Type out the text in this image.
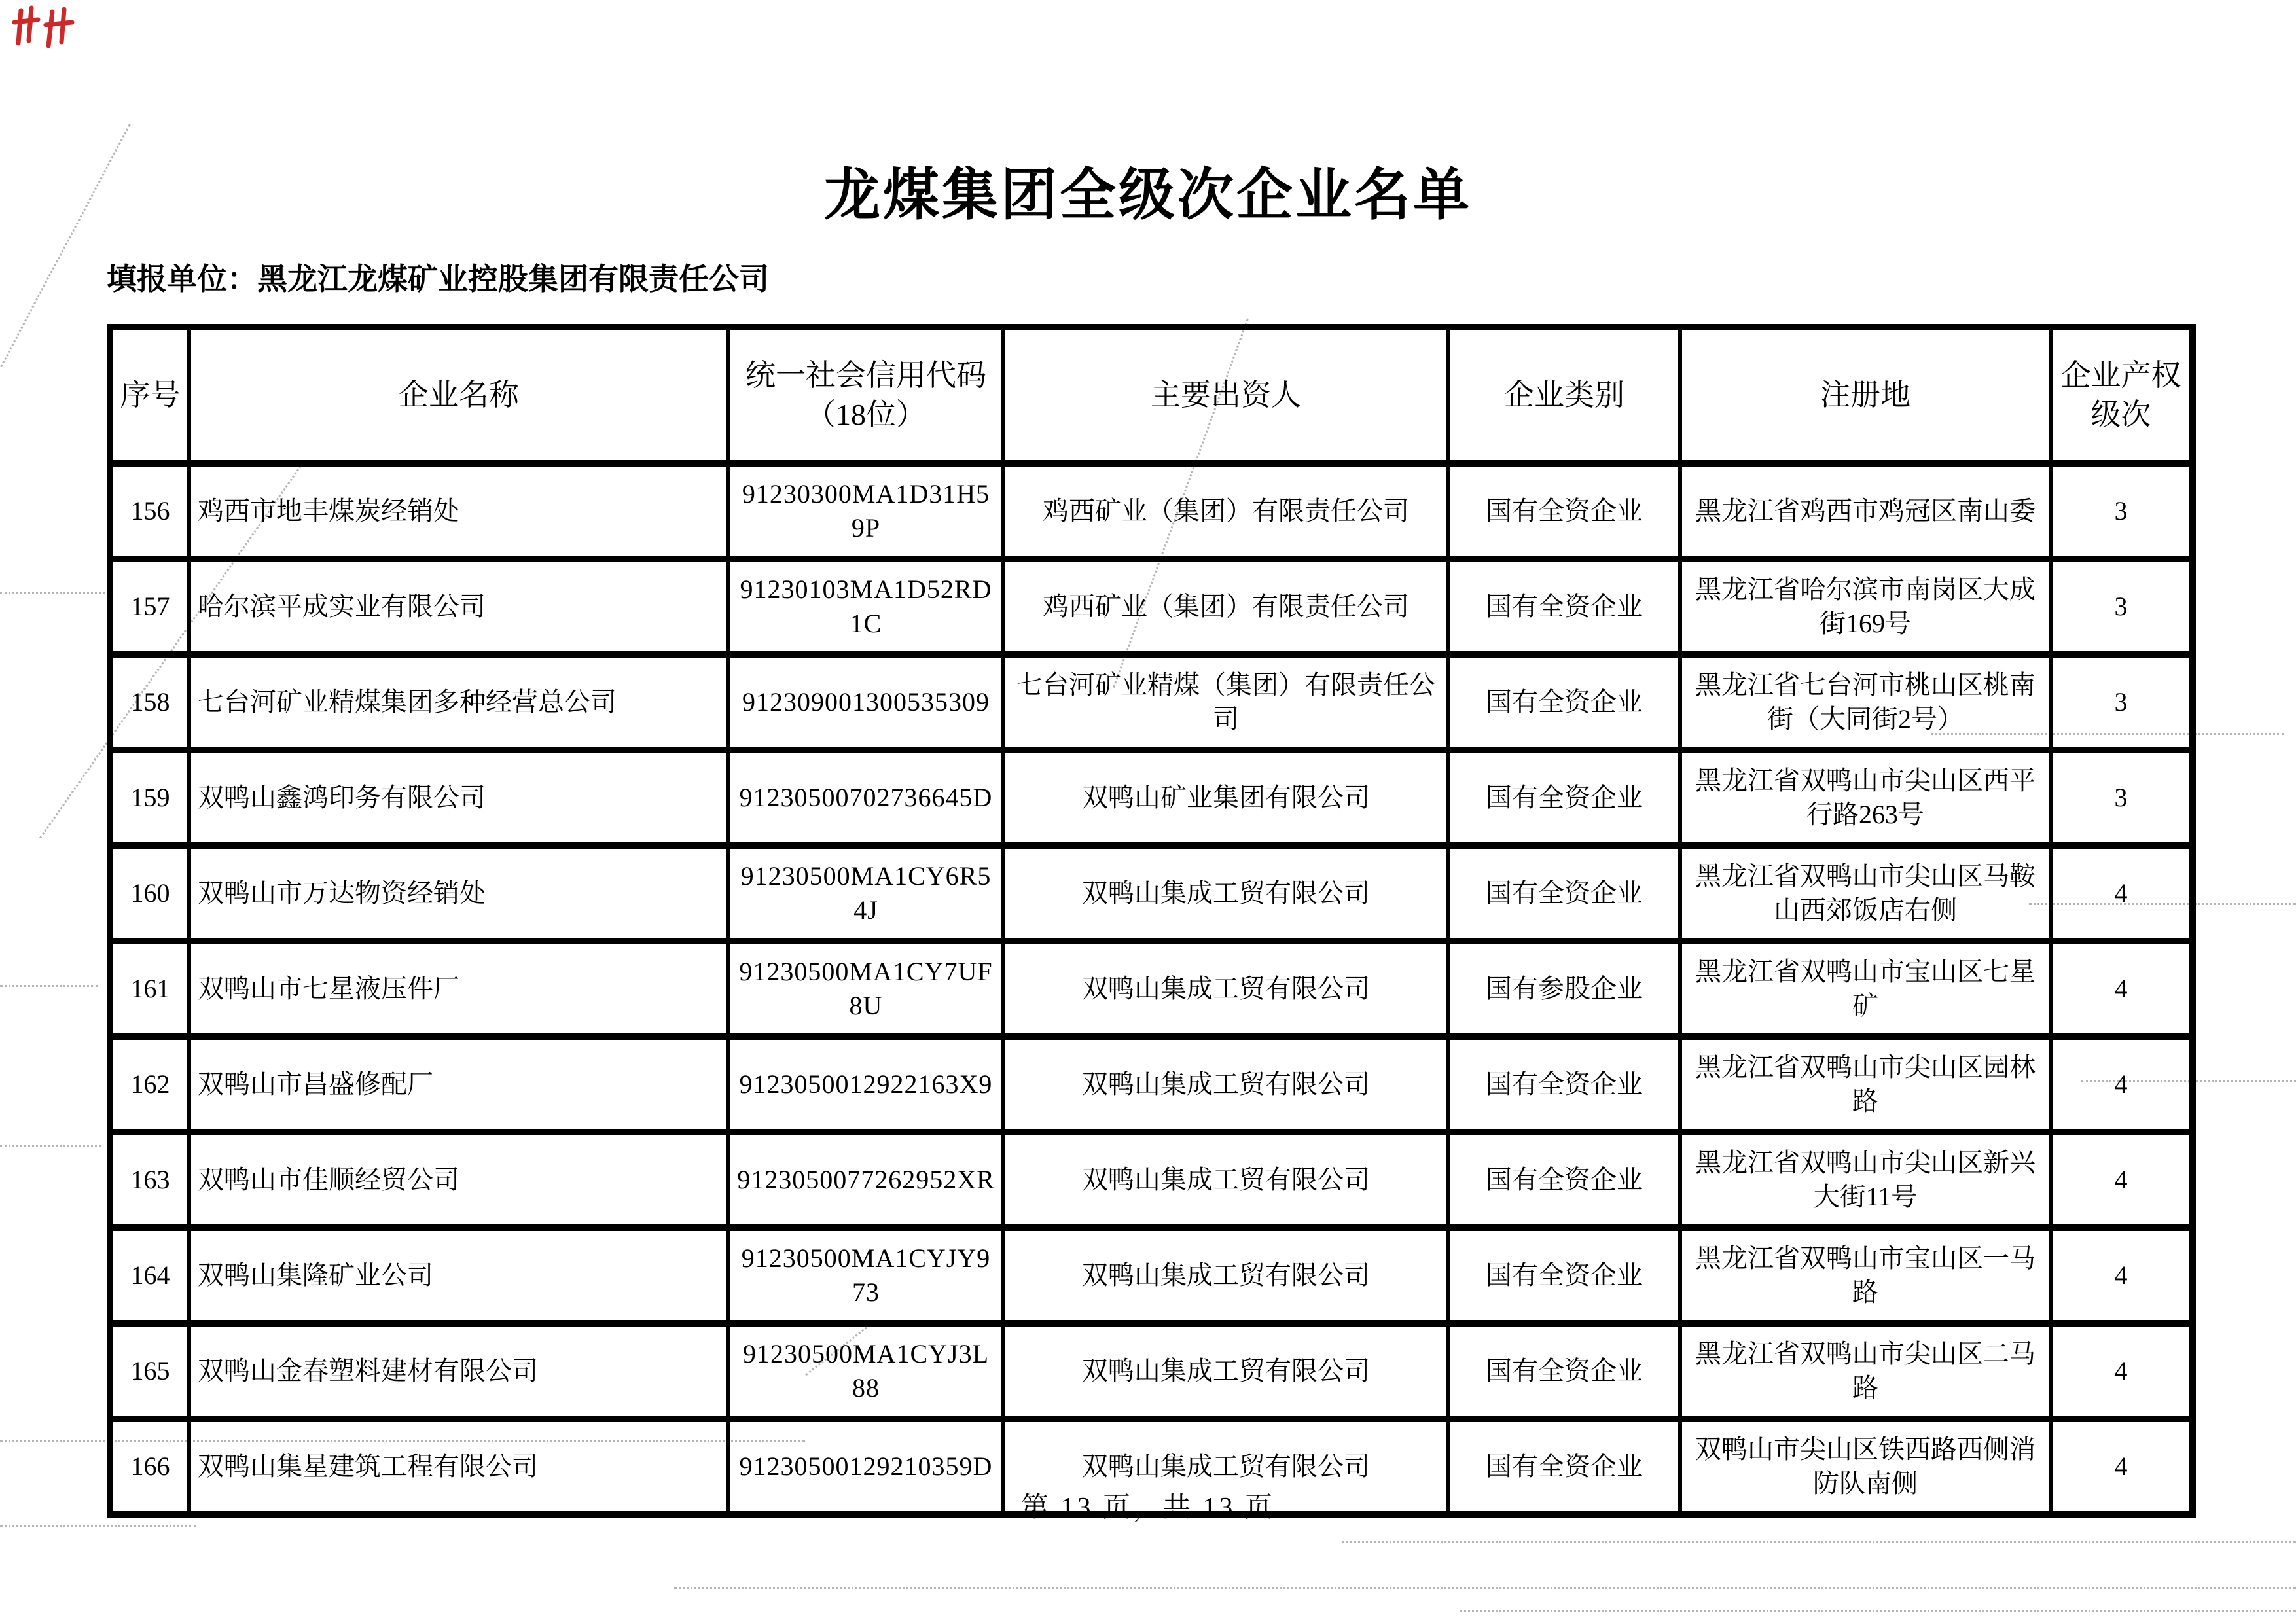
龙煤集团全级次企业名单
填报单位：黑龙江龙煤矿业控股集团有限责任公司
序号	企业名称	统一社会信用代码（18位）	主要出资人	企业类别	注册地	企业产权级次
156	鸡西市地丰煤炭经销处	91230300MA1D31H59P	鸡西矿业（集团）有限责任公司	国有全资企业	黑龙江省鸡西市鸡冠区南山委	3
157	哈尔滨平成实业有限公司	91230103MA1D52RD1C	鸡西矿业（集团）有限责任公司	国有全资企业	黑龙江省哈尔滨市南岗区大成街169号	3
158	七台河矿业精煤集团多种经营总公司	912309001300535309	七台河矿业精煤（集团）有限责任公司	国有全资企业	黑龙江省七台河市桃山区桃南街（大同街2号）	3
159	双鸭山鑫鸿印务有限公司	91230500702736645D	双鸭山矿业集团有限公司	国有全资企业	黑龙江省双鸭山市尖山区西平行路263号	3
160	双鸭山市万达物资经销处	91230500MA1CY6R54J	双鸭山集成工贸有限公司	国有全资企业	黑龙江省双鸭山市尖山区马鞍山西郊饭店右侧	4
161	双鸭山市七星液压件厂	91230500MA1CY7UF8U	双鸭山集成工贸有限公司	国有参股企业	黑龙江省双鸭山市宝山区七星矿	4
162	双鸭山市昌盛修配厂	9123050012922163X9	双鸭山集成工贸有限公司	国有全资企业	黑龙江省双鸭山市尖山区园林路	4
163	双鸭山市佳顺经贸公司	9123050077262952XR	双鸭山集成工贸有限公司	国有全资企业	黑龙江省双鸭山市尖山区新兴大街11号	4
164	双鸭山集隆矿业公司	91230500MA1CYJY973	双鸭山集成工贸有限公司	国有全资企业	黑龙江省双鸭山市宝山区一马路	4
165	双鸭山金春塑料建材有限公司	91230500MA1CYJ3L88	双鸭山集成工贸有限公司	国有全资企业	黑龙江省双鸭山市尖山区二马路	4
166	双鸭山集星建筑工程有限公司	91230500129210359D	双鸭山集成工贸有限公司	国有全资企业	双鸭山市尖山区铁西路西侧消防队南侧	4
第 13 页，共 13 页
